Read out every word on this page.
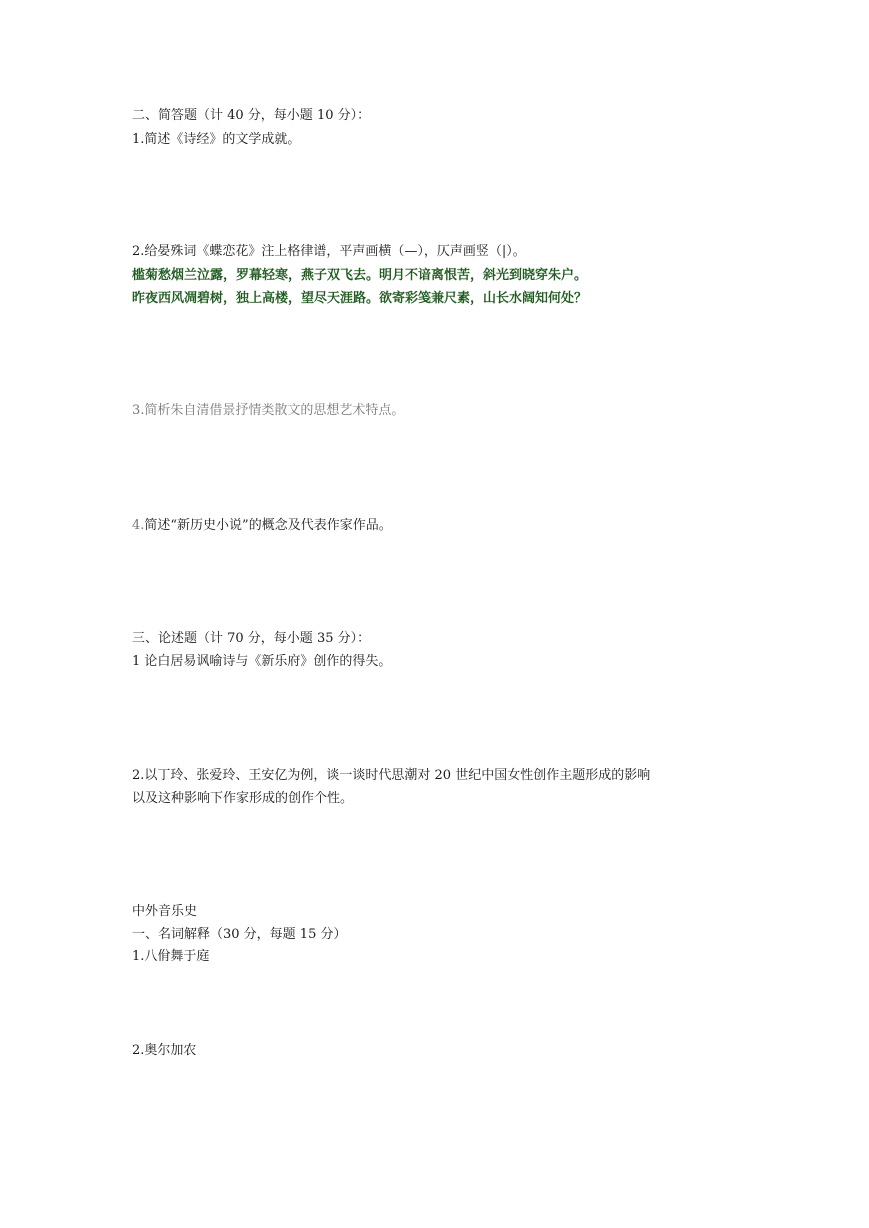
二、简答题（计 40 分，每小题 10 分）：
1.简述《诗经》的文学成就。
2.给晏殊词《蝶恋花》注上格律谱，平声画横（—），仄声画竖（|）。
槛菊愁烟兰泣露，罗幕轻寒，燕子双飞去。明月不谙离恨苦，斜光到晓穿朱户。
昨夜西风凋碧树，独上高楼，望尽天涯路。欲寄彩笺兼尺素，山长水阔知何处？
3.简析朱自清借景抒情类散文的思想艺术特点。
4.简述“新历史小说”的概念及代表作家作品。
三、论述题（计 70 分，每小题 35 分）：
1 论白居易讽喻诗与《新乐府》创作的得失。
2.以丁玲、张爱玲、王安亿为例，谈一谈时代思潮对 20 世纪中国女性创作主题形成的影响
以及这种影响下作家形成的创作个性。
中外音乐史
一、名词解释（30 分，每题 15 分）
1.八佾舞于庭
2.奥尔加农
